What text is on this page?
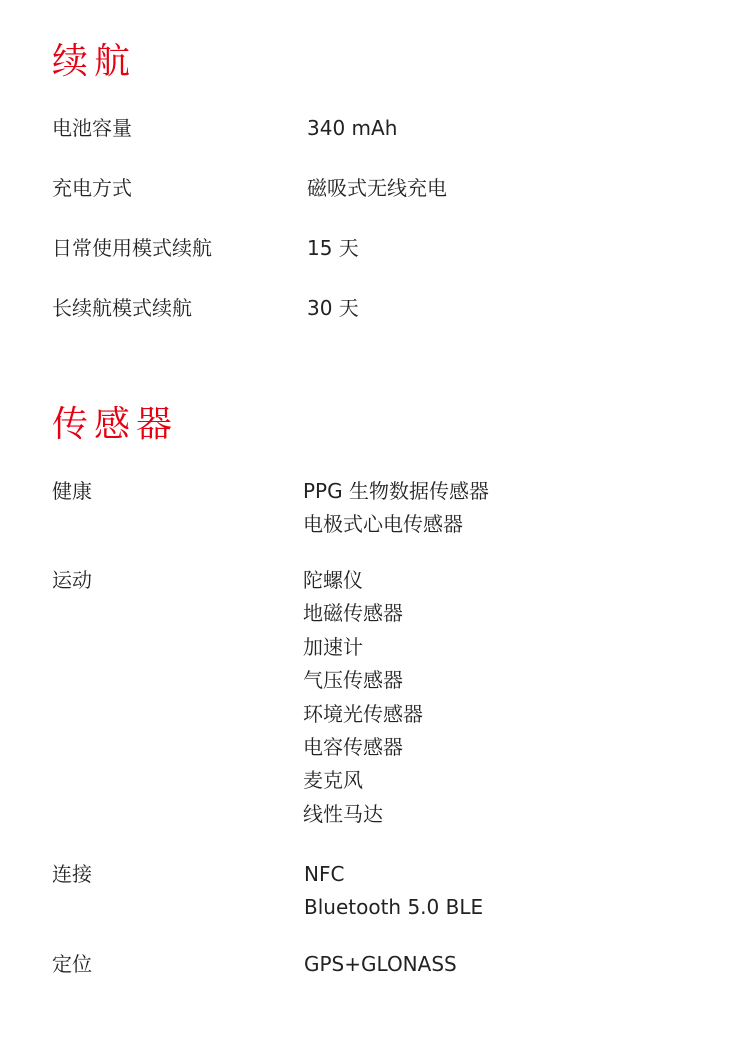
续航
电池容量	340 mAh
充电方式	磁吸式无线充电
日常使用模式续航	15 天
长续航模式续航	30 天
传感器
健康	PPG 生物数据传感器
电极式心电传感器
运动	陀螺仪
地磁传感器
加速计
气压传感器
环境光传感器
电容传感器
麦克风
线性马达
连接	NFC
Bluetooth 5.0 BLE
定位	GPS+GLONASS
